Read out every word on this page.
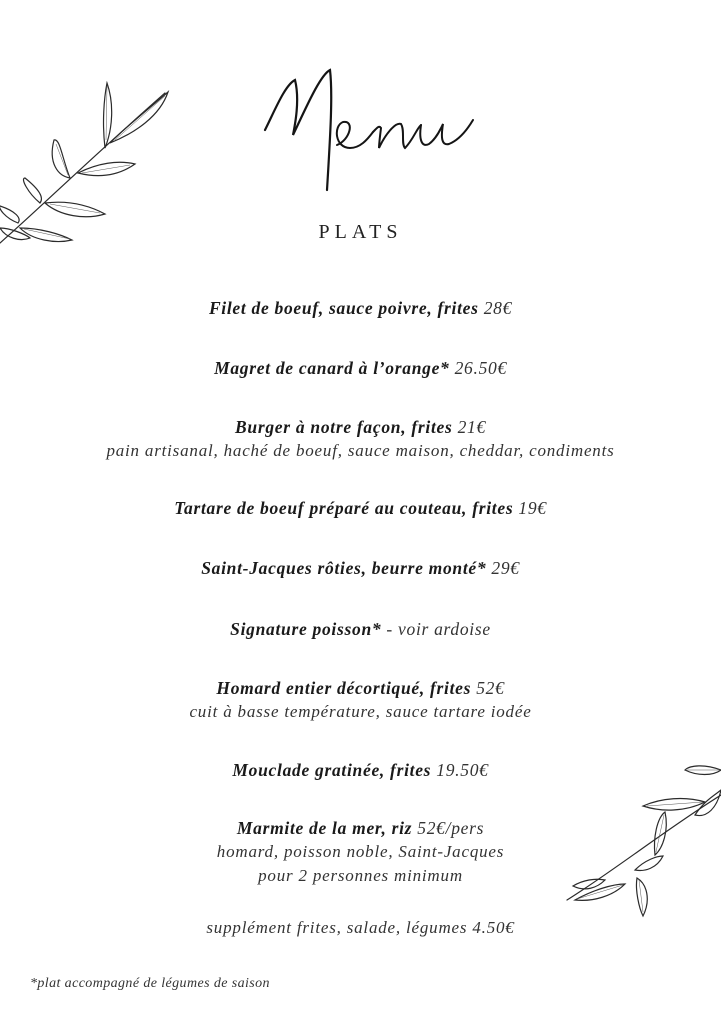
PLATS
Filet de boeuf, sauce poivre, frites 28€
Magret de canard à l’orange* 26.50€
Burger à notre façon, frites 21€
pain artisanal, haché de boeuf, sauce maison, cheddar, condiments
Tartare de boeuf préparé au couteau, frites 19€
Saint-Jacques rôties, beurre monté* 29€
Signature poisson* - voir ardoise
Homard entier décortiqué, frites 52€
cuit à basse température, sauce tartare iodée
Mouclade gratinée, frites 19.50€
Marmite de la mer, riz 52€/pers
homard, poisson noble, Saint-Jacques
pour 2 personnes minimum
supplément frites, salade, légumes 4.50€
*plat accompagné de légumes de saison
